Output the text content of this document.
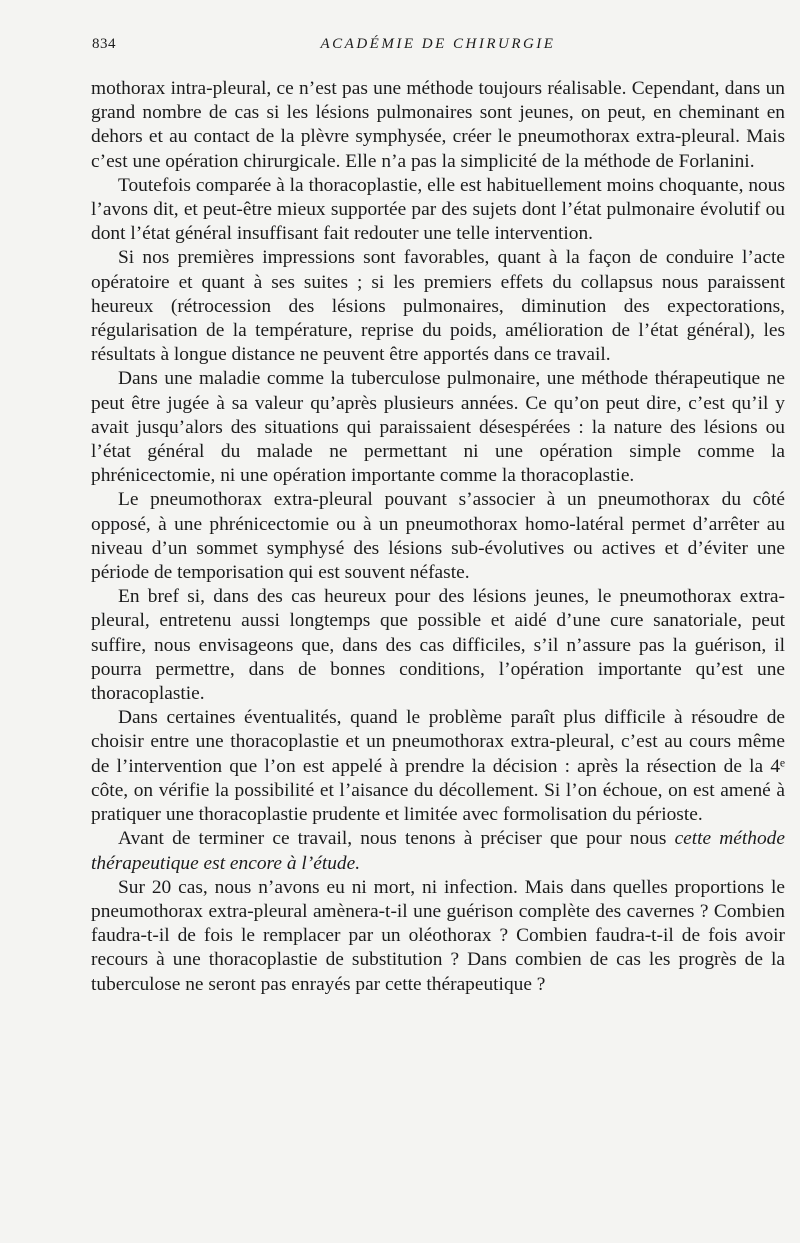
834	ACADÉMIE DE CHIRURGIE

mothorax intra-pleural, ce n’est pas une méthode toujours réalisable. Cependant, dans un grand nombre de cas si les lésions pulmonaires sont jeunes, on peut, en cheminant en dehors et au contact de la plèvre symphysée, créer le pneumothorax extra-pleural. Mais c’est une opération chirurgicale. Elle n’a pas la simplicité de la méthode de Forlanini.

Toutefois comparée à la thoracoplastie, elle est habituellement moins choquante, nous l’avons dit, et peut-être mieux supportée par des sujets dont l’état pulmonaire évolutif ou dont l’état général insuffisant fait redouter une telle intervention.

Si nos premières impressions sont favorables, quant à la façon de conduire l’acte opératoire et quant à ses suites ; si les premiers effets du collapsus nous paraissent heureux (rétrocession des lésions pulmonaires, diminution des expectorations, régularisation de la température, reprise du poids, amélioration de l’état général), les résultats à longue distance ne peuvent être apportés dans ce travail.

Dans une maladie comme la tuberculose pulmonaire, une méthode thérapeutique ne peut être jugée à sa valeur qu’après plusieurs années. Ce qu’on peut dire, c’est qu’il y avait jusqu’alors des situations qui paraissaient désespérées : la nature des lésions ou l’état général du malade ne permettant ni une opération simple comme la phrénicectomie, ni une opération importante comme la thoracoplastie.

Le pneumothorax extra-pleural pouvant s’associer à un pneumothorax du côté opposé, à une phrénicectomie ou à un pneumothorax homo-latéral permet d’arrêter au niveau d’un sommet symphysé des lésions sub-évolutives ou actives et d’éviter une période de temporisation qui est souvent néfaste.

En bref si, dans des cas heureux pour des lésions jeunes, le pneumothorax extra-pleural, entretenu aussi longtemps que possible et aidé d’une cure sanatoriale, peut suffire, nous envisageons que, dans des cas difficiles, s’il n’assure pas la guérison, il pourra permettre, dans de bonnes conditions, l’opération importante qu’est une thoracoplastie.

Dans certaines éventualités, quand le problème paraît plus difficile à résoudre de choisir entre une thoracoplastie et un pneumothorax extra-pleural, c’est au cours même de l’intervention que l’on est appelé à prendre la décision : après la résection de la 4ᵉ côte, on vérifie la possibilité et l’aisance du décollement. Si l’on échoue, on est amené à pratiquer une thoracoplastie prudente et limitée avec formolisation du périoste.

Avant de terminer ce travail, nous tenons à préciser que pour nous cette méthode thérapeutique est encore à l’étude.

Sur 20 cas, nous n’avons eu ni mort, ni infection. Mais dans quelles proportions le pneumothorax extra-pleural amènera-t-il une guérison complète des cavernes ? Combien faudra-t-il de fois le remplacer par un oléothorax ? Combien faudra-t-il de fois avoir recours à une thoracoplastie de substitution ? Dans combien de cas les progrès de la tuberculose ne seront pas enrayés par cette thérapeutique ?
